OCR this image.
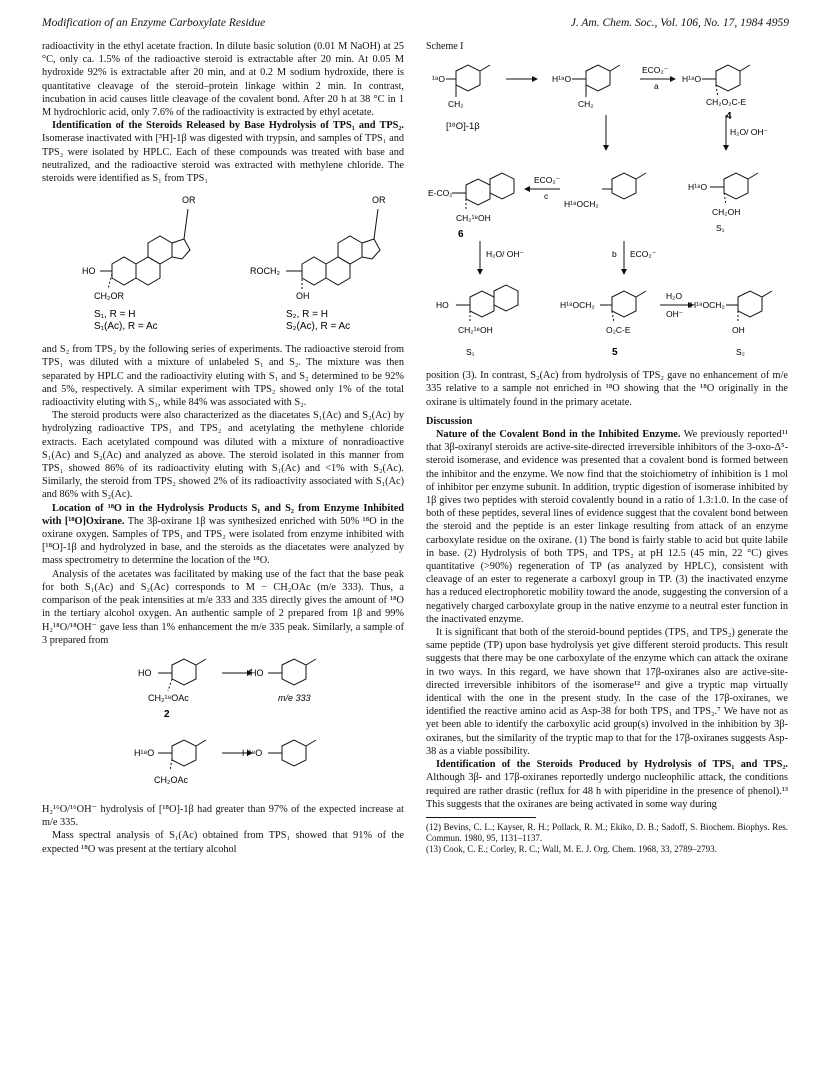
Modification of an Enzyme Carboxylate Residue	J. Am. Chem. Soc., Vol. 106, No. 17, 1984 4959

radioactivity in the ethyl acetate fraction. In dilute basic solution (0.01 M NaOH) at 25 °C, only ca. 1.5% of the radioactive steroid is extractable after 20 min. At 0.05 M hydroxide 92% is extractable after 20 min, and at 0.2 M sodium hydroxide, there is quantitative cleavage of the steroid–protein linkage within 2 min. In contrast, incubation in acid causes little cleavage of the covalent bond. After 20 h at 38 °C in 1 M hydrochloric acid, only 7.6% of the radioactivity is extracted by ethyl acetate.

Identification of the Steroids Released by Base Hydrolysis of TPS₁ and TPS₂. Isomerase inactivated with [³H]-1β was digested with trypsin, and samples of TPS₁ and TPS₂ were isolated by HPLC. Each of these compounds was treated with base and neutralized, and the radioactive steroid was extracted with methylene chloride. The steroids were identified as S₁ from TPS₁

OR	OR
HO
CH₂OR
ROCH₂
OH
S₁, R = H
S₁(Ac), R = Ac
S₂, R = H
S₂(Ac), R = Ac

and S₂ from TPS₂ by the following series of experiments. The radioactive steroid from TPS₁ was diluted with a mixture of unlabeled S₁ and S₂. The mixture was then separated by HPLC and the radioactivity eluting with S₁ and S₂ determined to be 92% and 5%, respectively. A similar experiment with TPS₂ showed only 1% of the total radioactivity eluting with S₁, while 84% was associated with S₂.

The steroid products were also characterized as the diacetates S₁(Ac) and S₂(Ac) by hydrolyzing radioactive TPS₁ and TPS₂ and acetylating the methylene chloride extracts. Each acetylated compound was diluted with a mixture of nonradioactive S₁(Ac) and S₂(Ac) and analyzed as above. The steroid isolated in this manner from TPS₁ showed 86% of its radioactivity eluting with S₁(Ac) and <1% with S₂(Ac). Similarly, the steroid from TPS₂ showed 2% of its radioactivity associated with S₁(Ac) and 86% with S₂(Ac).

Location of ¹⁸O in the Hydrolysis Products S₁ and S₂ from Enzyme Inhibited with [¹⁸O]Oxirane. The 3β-oxirane 1β was synthesized enriched with 50% ¹⁸O in the oxirane oxygen. Samples of TPS₁ and TPS₂ were isolated from enzyme inhibited with [¹⁸O]-1β and hydrolyzed in base, and the steroids as the diacetates were analyzed by mass spectrometry to determine the location of the ¹⁸O.

Analysis of the acetates was facilitated by making use of the fact that the base peak for both S₁(Ac) and S₂(Ac) corresponds to M − CH₂OAc (m/e 333). Thus, a comparison of the peak intensities at m/e 333 and 335 directly gives the amount of ¹⁸O in the tertiary alcohol oxygen. An authentic sample of 2 prepared from 1β and 99% H₂¹⁸O/¹⁸OH⁻ gave less than 1% enhancement the m/e 335 peak. Similarly, a sample of 3 prepared from

HO
CH₂¹⁸OAc
HO
m/e 333
2
H¹⁸O	H¹⁸O
CH₂OAc

H₂¹⁶O/¹⁶OH⁻ hydrolysis of [¹⁸O]-1β had greater than 97% of the expected increase at m/e 335.

Mass spectral analysis of S₁(Ac) obtained from TPS₁ showed that 91% of the expected ¹⁸O was present at the tertiary alcohol

Scheme I
¹⁸O
CH₂
H¹⁸O
CH₂
ECO₂⁻
a
H¹⁸O
CH₂O₂C-E
4
[¹⁸O]-1β	H₂O/ OH⁻
E-CO₂
CH₂¹⁸OH
6
ECO₂⁻
c
H¹⁸OCH₂
H¹⁸O
CH₂OH
S₁
H₂O/ OH⁻	b ECO₂⁻
HO
CH₂¹⁸OH
S₁
H¹⁸OCH₂
O₂C-E
5
H₂O
OH⁻
H¹⁸OCH₂
OH
S₂

position (3). In contrast, S₂(Ac) from hydrolysis of TPS₂ gave no enhancement of m/e 335 relative to a sample not enriched in ¹⁸O showing that the ¹⁸O originally in the oxirane is ultimately found in the primary acetate.

Discussion

Nature of the Covalent Bond in the Inhibited Enzyme. We previously reported¹¹ that 3β-oxiranyl steroids are active-site-directed irreversible inhibitors of the 3-oxo-Δ⁵-steroid isomerase, and evidence was presented that a covalent bond is formed between the inhibitor and the enzyme. We now find that the stoichiometry of inhibition is 1 mol of inhibitor per enzyme subunit. In addition, tryptic digestion of isomerase inhibited by 1β gives two peptides with steroid covalently bound in a ratio of 1.3:1.0. In the case of both of these peptides, several lines of evidence suggest that the covalent bond between the steroid and the peptide is an ester linkage resulting from attack of an enzyme carboxylate residue on the oxirane. (1) The bond is fairly stable to acid but quite labile in base. (2) Hydrolysis of both TPS₁ and TPS₂ at pH 12.5 (45 min, 22 °C) gives quantitative (>90%) regeneration of TP (as analyzed by HPLC), consistent with cleavage of an ester to regenerate a carboxyl group in TP. (3) the inactivated enzyme has a reduced electrophoretic mobility toward the anode, suggesting the conversion of a negatively charged carboxylate group in the native enzyme to a neutral ester function in the inactivated enzyme.

It is significant that both of the steroid-bound peptides (TPS₁ and TPS₂) generate the same peptide (TP) upon base hydrolysis yet give different steroid products. This result suggests that there may be one carboxylate of the enzyme which can attack the oxirane in two ways. In this regard, we have shown that 17β-oxiranes also are active-site-directed irreversible inhibitors of the isomerase¹² and give a tryptic map virtually identical with the one in the present study. In the case of the 17β-oxiranes, we identified the reactive amino acid as Asp-38 for both TPS₁ and TPS₂.⁷ We have not as yet been able to identify the carboxylic acid group(s) involved in the inhibition by 3β-oxiranes, but the similarity of the tryptic map to that for the 17β-oxiranes suggests Asp-38 as a viable possibility.

Identification of the Steroids Produced by Hydrolysis of TPS₁ and TPS₂. Although 3β- and 17β-oxiranes reportedly undergo nucleophilic attack, the conditions required are rather drastic (reflux for 48 h with piperidine in the presence of phenol).¹³ This suggests that the oxiranes are being activated in some way during

(12) Bevins, C. L.; Kayser, R. H.; Pollack, R. M.; Ekiko, D. B.; Sadoff, S. Biochem. Biophys. Res. Commun. 1980, 95, 1131–1137.

(13) Cook, C. E.; Corley, R. C.; Wall, M. E. J. Org. Chem. 1968, 33, 2789–2793.
